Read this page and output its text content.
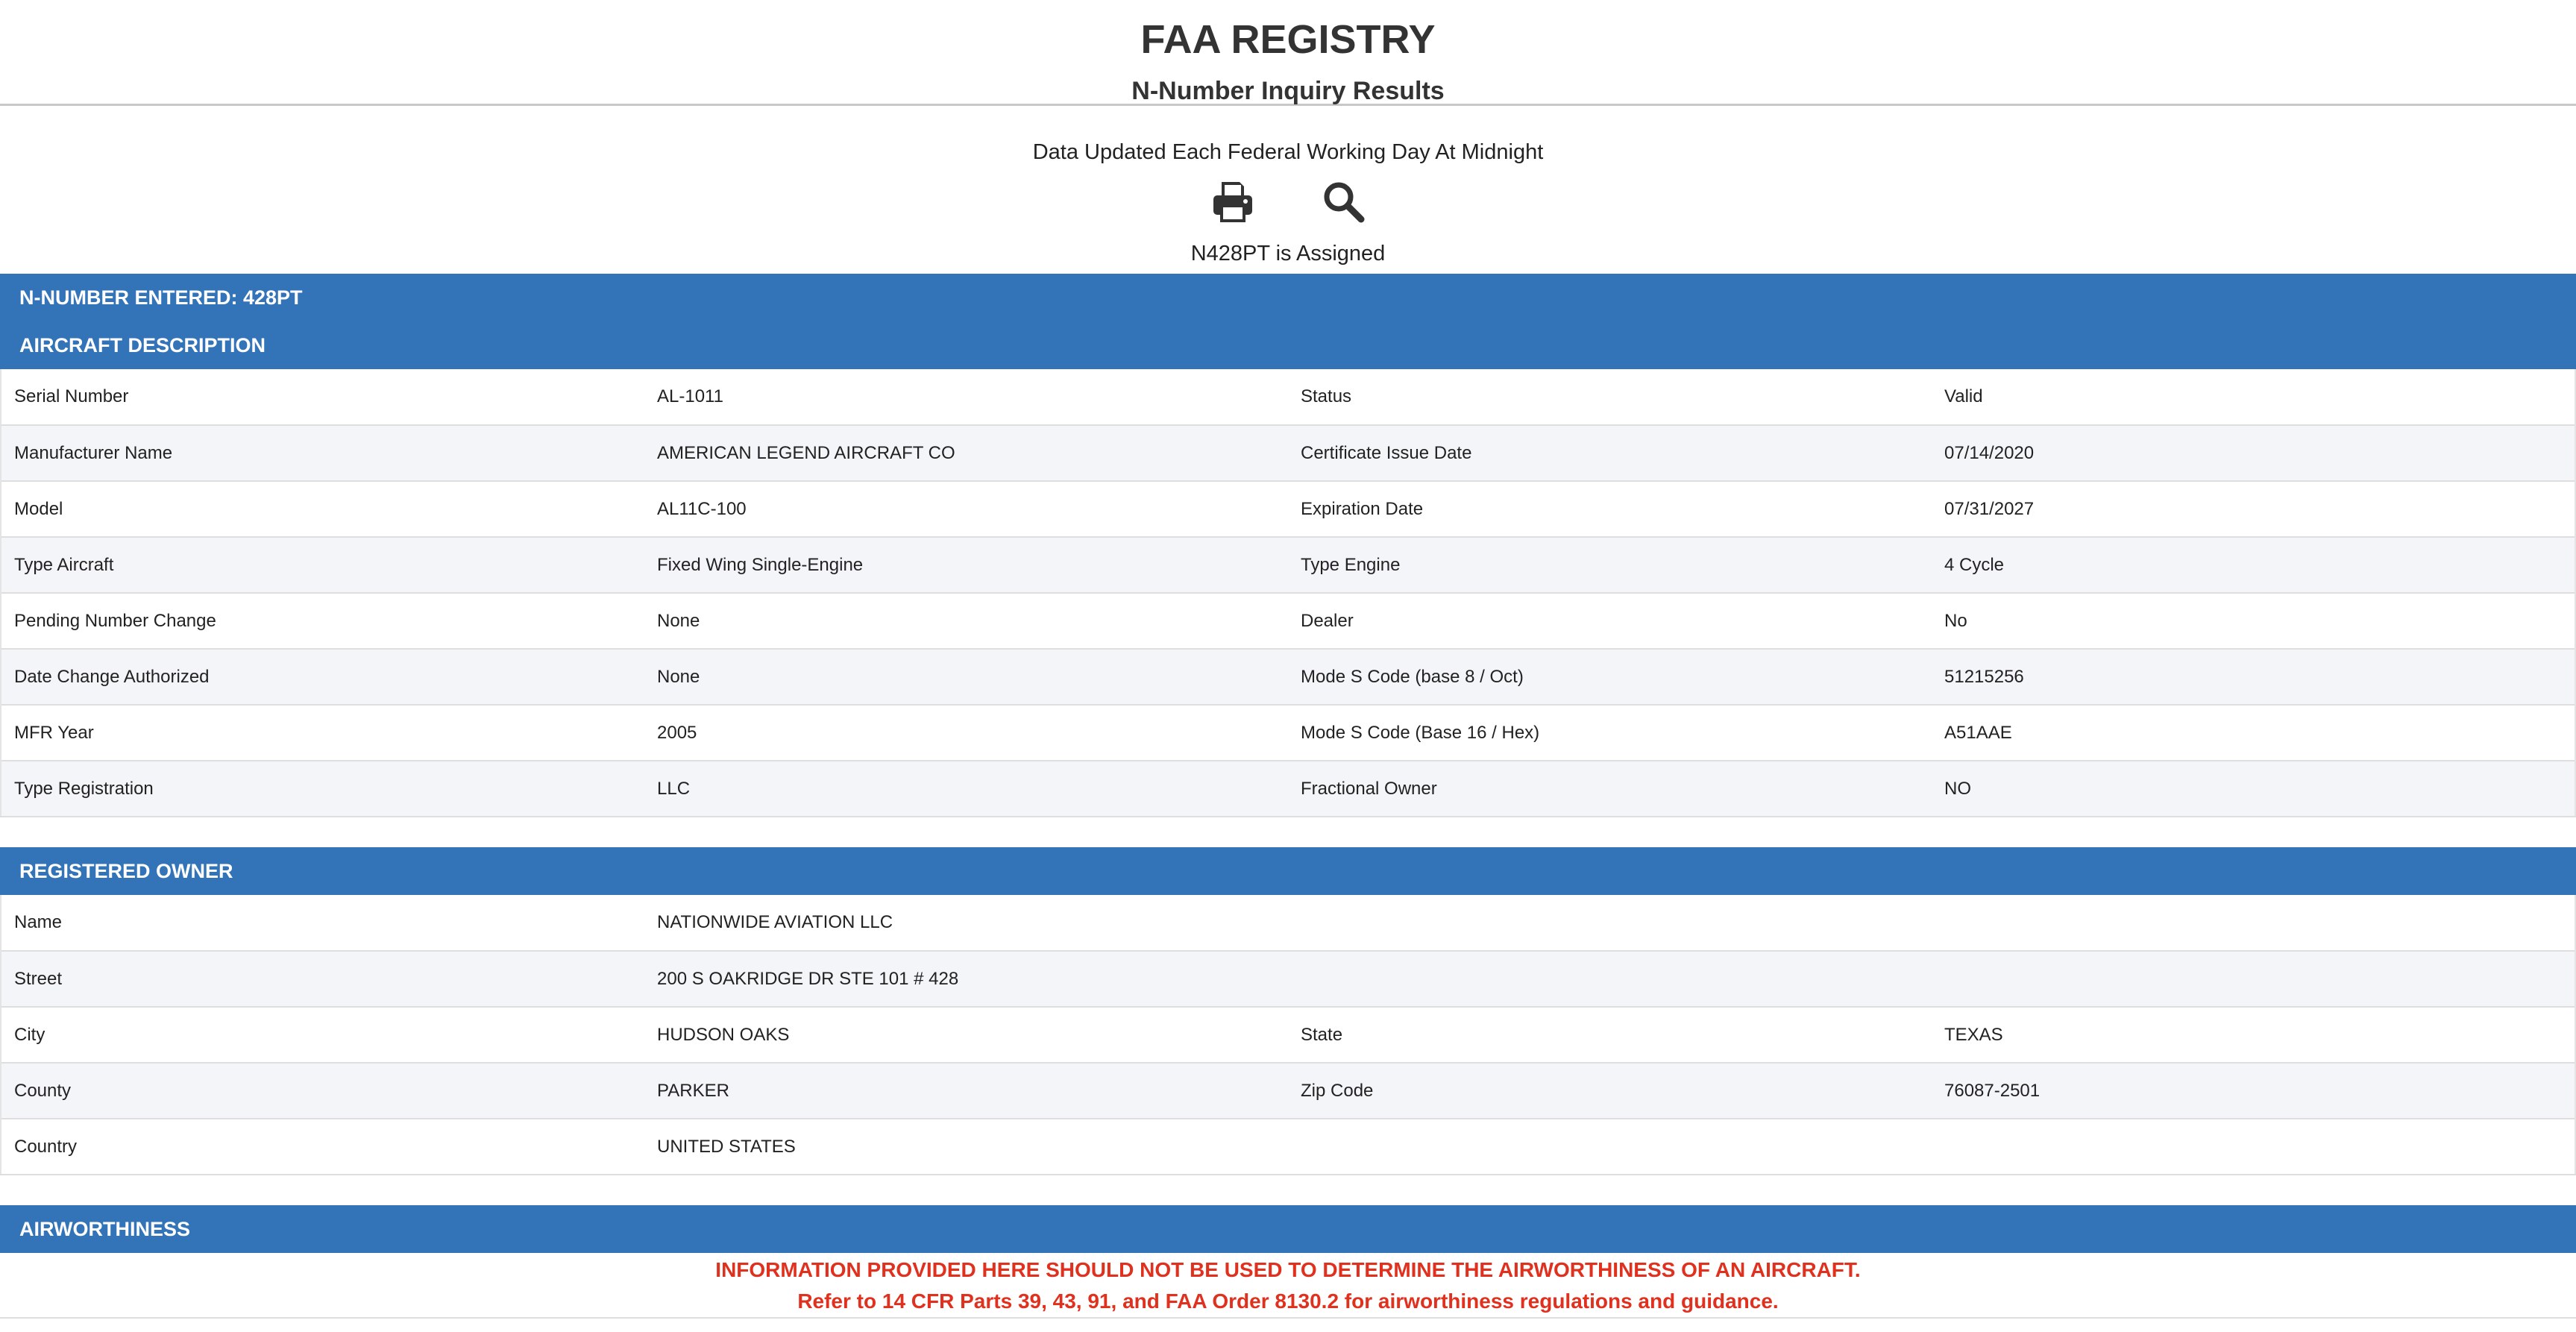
FAA REGISTRY
N-Number Inquiry Results
Data Updated Each Federal Working Day At Midnight
N428PT is Assigned
N-NUMBER ENTERED: 428PT
AIRCRAFT DESCRIPTION
Serial Number	AL-1011	Status	Valid
Manufacturer Name	AMERICAN LEGEND AIRCRAFT CO	Certificate Issue Date	07/14/2020
Model	AL11C-100	Expiration Date	07/31/2027
Type Aircraft	Fixed Wing Single-Engine	Type Engine	4 Cycle
Pending Number Change	None	Dealer	No
Date Change Authorized	None	Mode S Code (base 8 / Oct)	51215256
MFR Year	2005	Mode S Code (Base 16 / Hex)	A51AAE
Type Registration	LLC	Fractional Owner	NO
REGISTERED OWNER
Name	NATIONWIDE AVIATION LLC		
Street	200 S OAKRIDGE DR STE 101 # 428		
City	HUDSON OAKS	State	TEXAS
County	PARKER	Zip Code	76087-2501
Country	UNITED STATES		
AIRWORTHINESS
INFORMATION PROVIDED HERE SHOULD NOT BE USED TO DETERMINE THE AIRWORTHINESS OF AN AIRCRAFT.
Refer to 14 CFR Parts 39, 43, 91, and FAA Order 8130.2 for airworthiness regulations and guidance.
